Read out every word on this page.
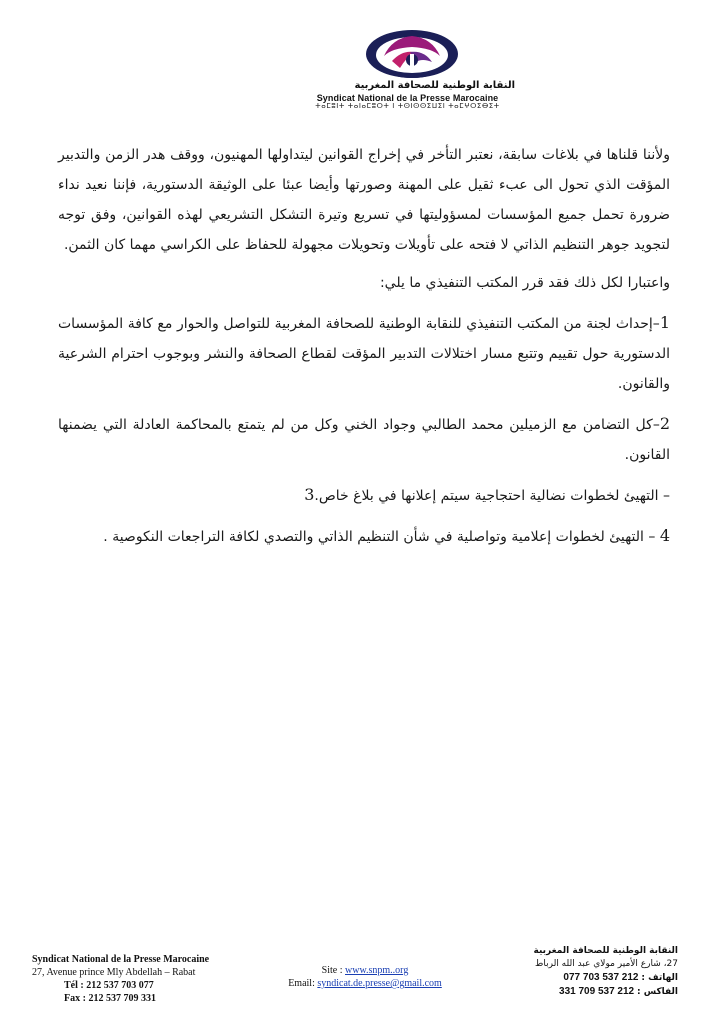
النقابة الوطنية للصحافة المغربية
Syndicat National de la Presse Marocaine
ⵜⴰⵎⵓⵏⵜ ⵜⴰⵏⴰⵎⵓⵔⵜ ⵏ ⵜⵙⵏⵙⵙⵉⵡⵉⵏ ⵜⴰⵎⵖⵔⵉⴱⵉⵜ

ولأننا قلناها في بلاغات سابقة، نعتبر التأخر في إخراج القوانين ليتداولها المهنيون، ووقف هدر الزمن والتدبير المؤقت الذي تحول الى عبء ثقيل على المهنة وصورتها وأيضا عبئا على الوثيقة الدستورية، فإننا نعيد نداء ضرورة تحمل جميع المؤسسات لمسؤوليتها في تسريع وتيرة التشكل التشريعي لهذه القوانين، وفق توجه لتجويد جوهر التنظيم الذاتي لا فتحه على تأويلات وتحويلات مجهولة للحفاظ على الكراسي مهما كان الثمن.

واعتبارا لكل ذلك فقد قرر المكتب التنفيذي ما يلي:

1–إحداث لجنة من المكتب التنفيذي للنقابة الوطنية للصحافة المغربية للتواصل والحوار مع كافة المؤسسات الدستورية حول تقييم وتتبع مسار اختلالات التدبير المؤقت لقطاع الصحافة والنشر وبوجوب احترام الشرعية والقانون.

2–كل التضامن مع الزميلين محمد الطالبي وجواد الخني وكل من لم يتمتع بالمحاكمة العادلة التي يضمنها القانون.

– التهيئ لخطوات نضالية احتجاجية سيتم إعلانها في بلاغ خاص.3

4 – التهيئ لخطوات إعلامية وتواصلية في شأن التنظيم الذاتي والتصدي لكافة التراجعات النكوصية .

Syndicat National de la Presse Marocaine
27, Avenue prince Mly Abdellah – Rabat
Tél : 212 537 703 077
Fax : 212 537 709 331
Site : www.snpm..org
Email: syndicat.de.presse@gmail.com
النقابة الوطنية للصحافة المغربية
27، شارع الأمير مولاي عبد الله الرباط
الهاتف : 077 703 537 212
الفاكس : 331 709 537 212
